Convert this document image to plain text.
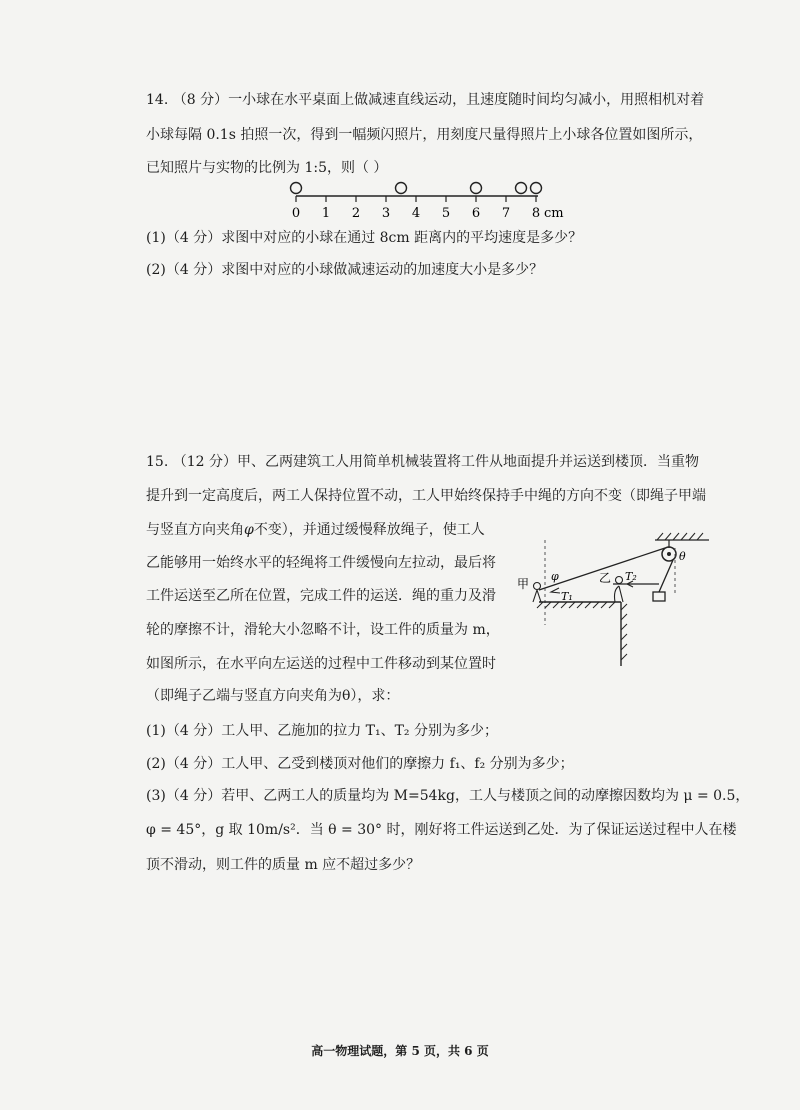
14. （8 分）一小球在水平桌面上做减速直线运动，且速度随时间均匀减小，用照相机对着
小球每隔 0.1s 拍照一次，得到一幅频闪照片，用刻度尺量得照片上小球各位置如图所示，
已知照片与实物的比例为 1:5，则（ ）
0 1 2 3 4 5 6 7 8 cm
(1)（4 分）求图中对应的小球在通过 8cm 距离内的平均速度是多少？
(2)（4 分）求图中对应的小球做减速运动的加速度大小是多少？
15. （12 分）甲、乙两建筑工人用简单机械装置将工件从地面提升并运送到楼顶．当重物
提升到一定高度后，两工人保持位置不动，工人甲始终保持手中绳的方向不变（即绳子甲端
与竖直方向夹角φ不变），并通过缓慢释放绳子，使工人
乙能够用一始终水平的轻绳将工件缓慢向左拉动，最后将
工件运送至乙所在位置，完成工件的运送．绳的重力及滑
轮的摩擦不计，滑轮大小忽略不计，设工件的质量为 m，
如图所示，在水平向左运送的过程中工件移动到某位置时
（即绳子乙端与竖直方向夹角为θ），求：
甲	乙
φ
θ
T₁
T₂
(1)（4 分）工人甲、乙施加的拉力 T₁、T₂ 分别为多少；
(2)（4 分）工人甲、乙受到楼顶对他们的摩擦力 f₁、f₂ 分别为多少；
(3)（4 分）若甲、乙两工人的质量均为 M=54kg，工人与楼顶之间的动摩擦因数均为 μ = 0.5，
φ = 45°，g 取 10m/s²．当 θ = 30° 时，刚好将工件运送到乙处．为了保证运送过程中人在楼
顶不滑动，则工件的质量 m 应不超过多少？
高一物理试题，第 5 页，共 6 页
